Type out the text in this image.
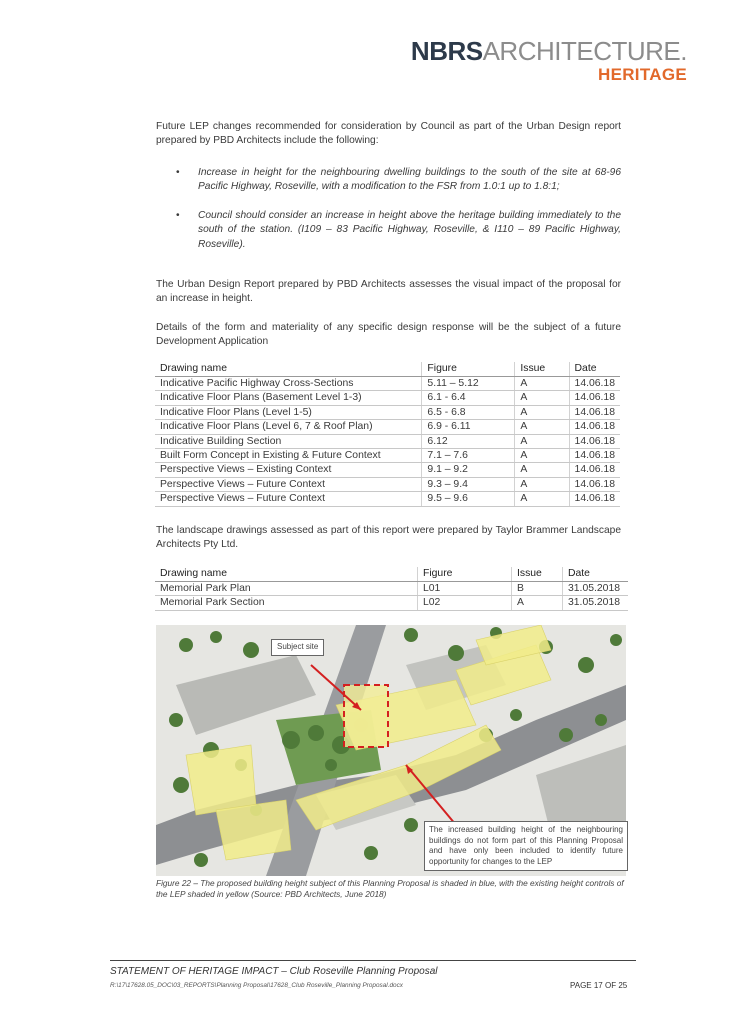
NBRSARCHITECTURE.
HERITAGE

Future LEP changes recommended for consideration by Council as part of the Urban Design report prepared by PBD Architects include the following:

• Increase in height for the neighbouring dwelling buildings to the south of the site at 68-96 Pacific Highway, Roseville, with a modification to the FSR from 1.0:1 up to 1.8:1;
• Council should consider an increase in height above the heritage building immediately to the south of the station. (I109 – 83 Pacific Highway, Roseville, & I110 – 89 Pacific Highway, Roseville).

The Urban Design Report prepared by PBD Architects assesses the visual impact of the proposal for an increase in height.

Details of the form and materiality of any specific design response will be the subject of a future Development Application

Drawing name	Figure	Issue	Date
Indicative Pacific Highway Cross-Sections	5.11 – 5.12	A	14.06.18
Indicative Floor Plans (Basement Level 1-3)	6.1 - 6.4	A	14.06.18
Indicative Floor Plans (Level 1-5)	6.5 - 6.8	A	14.06.18
Indicative Floor Plans (Level 6, 7 & Roof Plan)	6.9 - 6.11	A	14.06.18
Indicative Building Section	6.12	A	14.06.18
Built Form Concept in Existing & Future Context	7.1 – 7.6	A	14.06.18
Perspective Views – Existing Context	9.1 – 9.2	A	14.06.18
Perspective Views – Future Context	9.3 – 9.4	A	14.06.18
Perspective Views – Future Context	9.5 – 9.6	A	14.06.18

The landscape drawings assessed as part of this report were prepared by Taylor Brammer Landscape Architects Pty Ltd.

Drawing name	Figure	Issue	Date
Memorial Park Plan	L01	B	31.05.2018
Memorial Park Section	L02	A	31.05.2018
Subject site
The increased building height of the neighbouring buildings do not form part of this Planning Proposal and have only been included to identify future opportunity for changes to the LEP
Figure 22 – The proposed building height subject of this Planning Proposal is shaded in blue, with the existing height controls of the LEP shaded in yellow (Source: PBD Architects, June 2018)
STATEMENT OF HERITAGE IMPACT – Club Roseville Planning Proposal
R:\17\17628.05_DOC\03_REPORTS\Planning Proposal\17628_Club Roseville_Planning Proposal.docx	PAGE 17 OF 25
